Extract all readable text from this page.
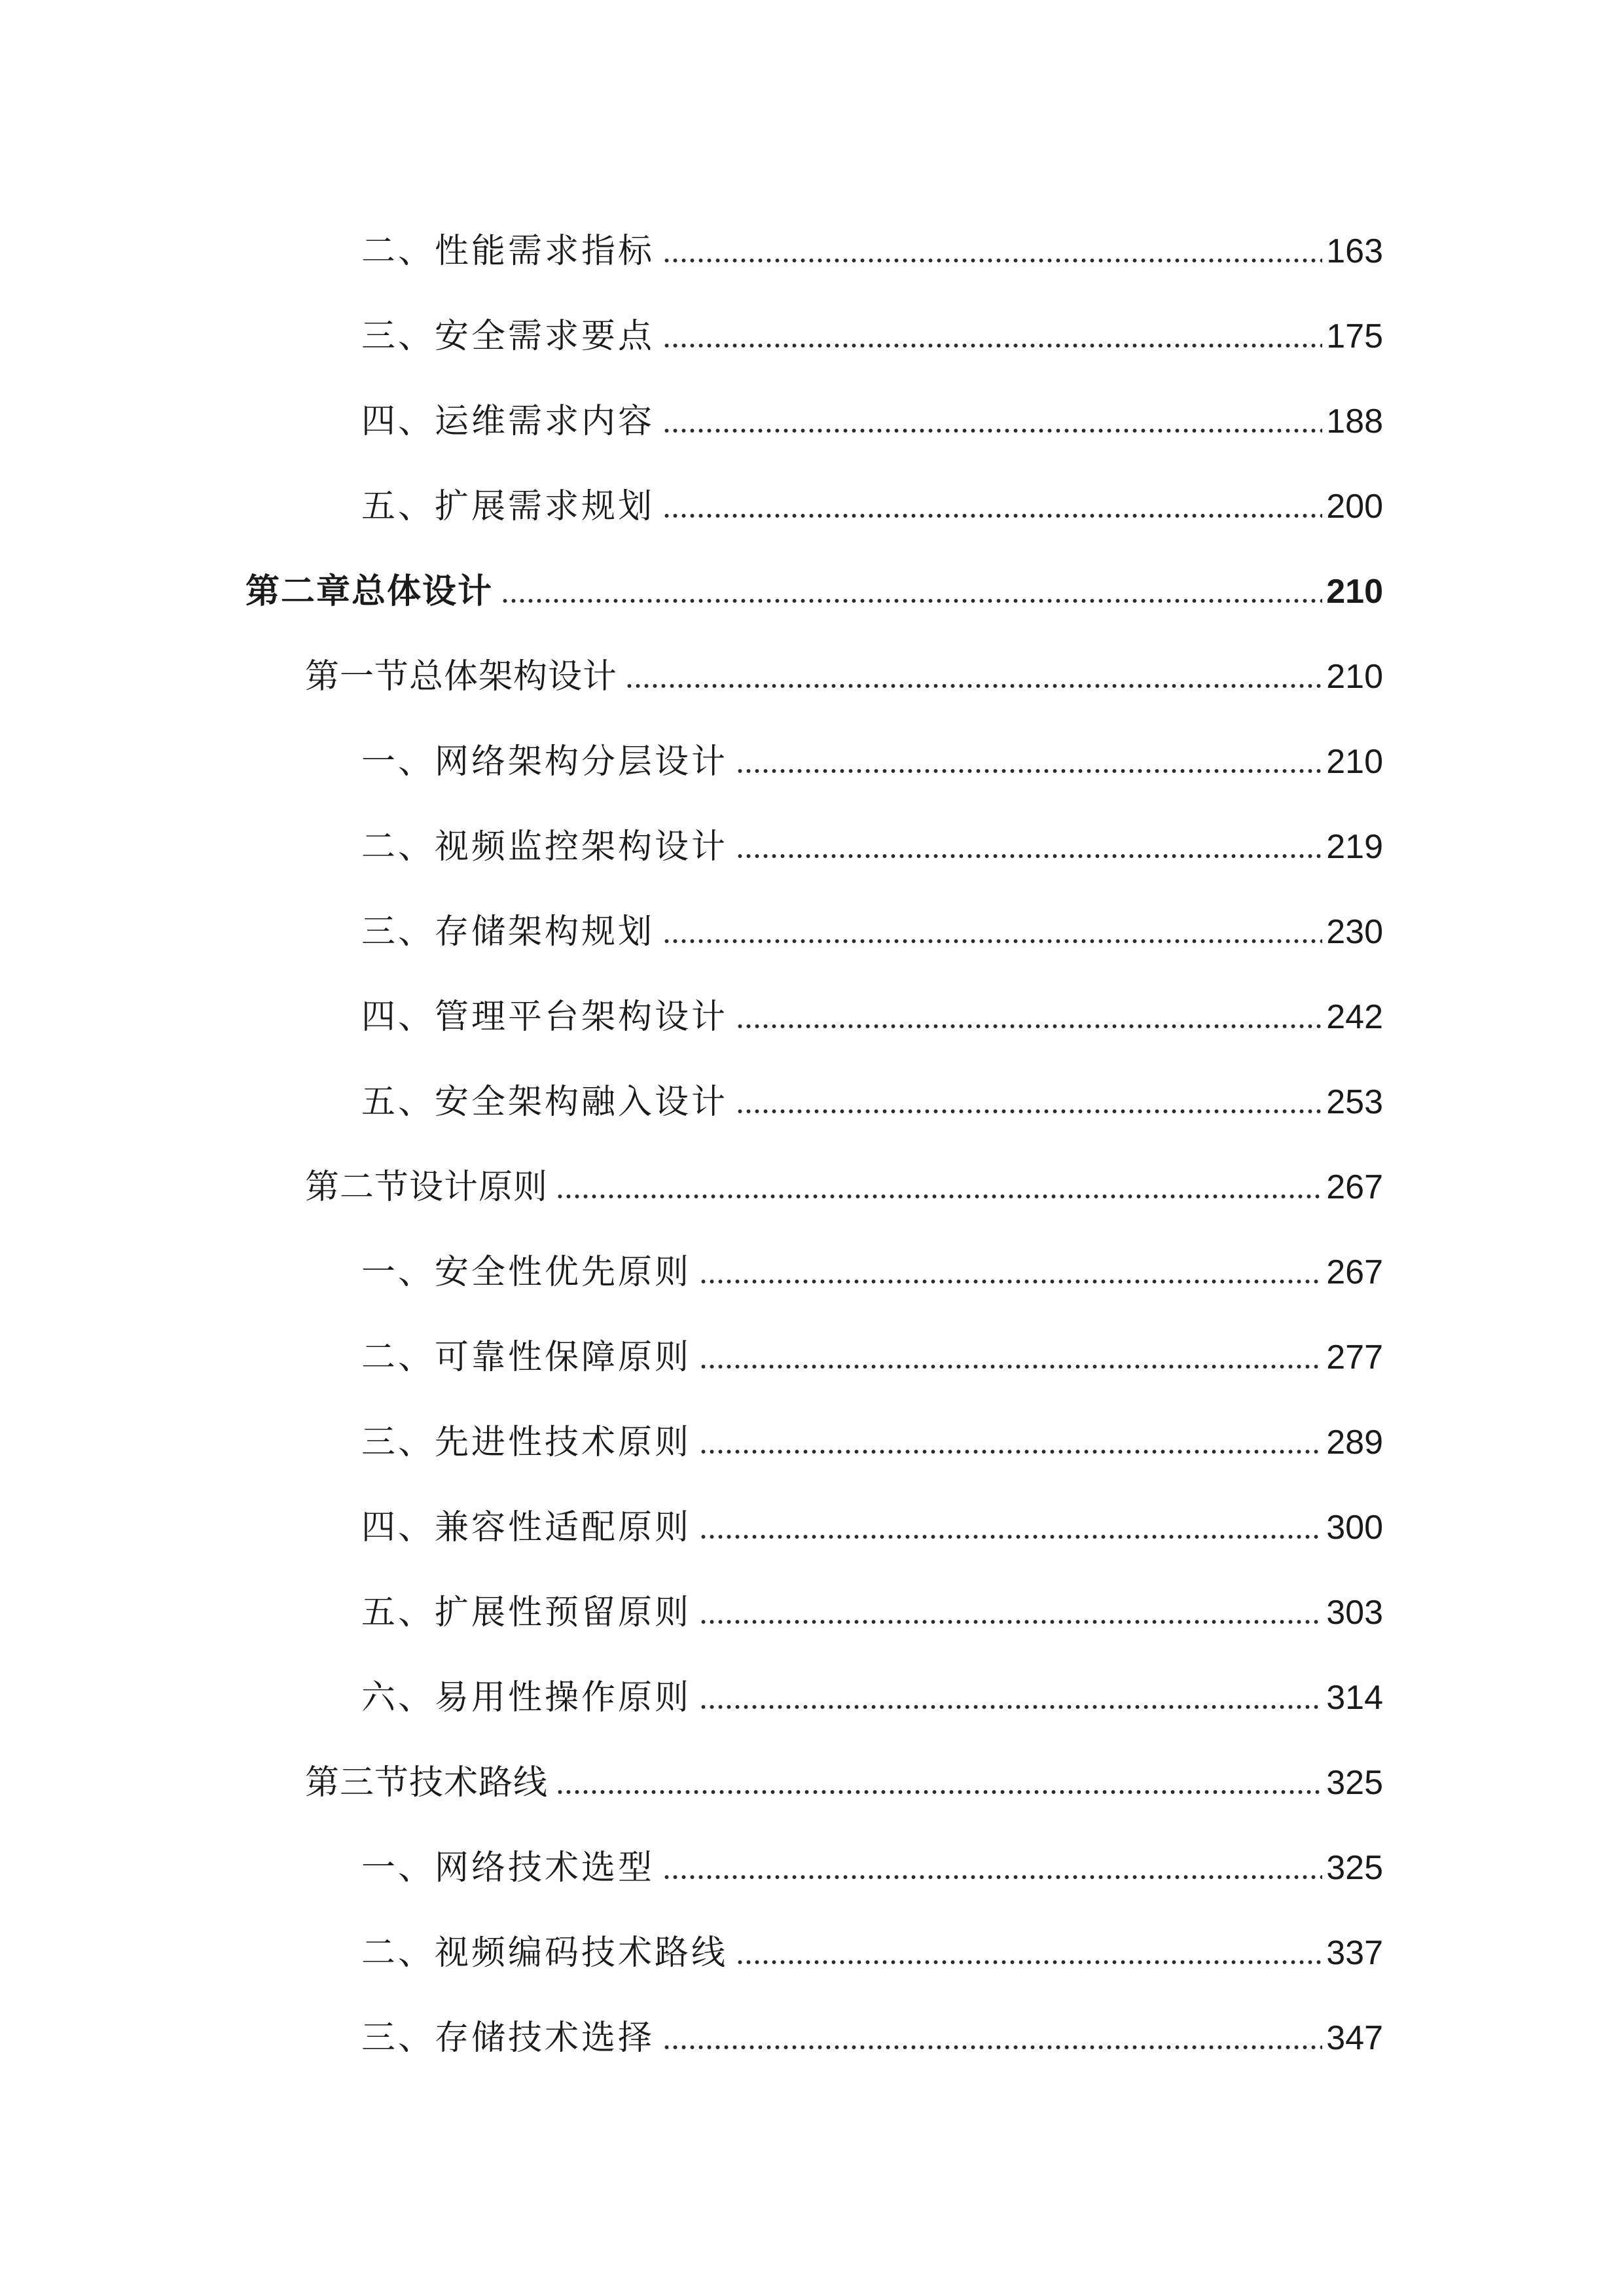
二、性能需求指标	163
三、安全需求要点	175
四、运维需求内容	188
五、扩展需求规划	200
第二章总体设计	210
第一节总体架构设计	210
一、网络架构分层设计	210
二、视频监控架构设计	219
三、存储架构规划	230
四、管理平台架构设计	242
五、安全架构融入设计	253
第二节设计原则	267
一、安全性优先原则	267
二、可靠性保障原则	277
三、先进性技术原则	289
四、兼容性适配原则	300
五、扩展性预留原则	303
六、易用性操作原则	314
第三节技术路线	325
一、网络技术选型	325
二、视频编码技术路线	337
三、存储技术选择	347
